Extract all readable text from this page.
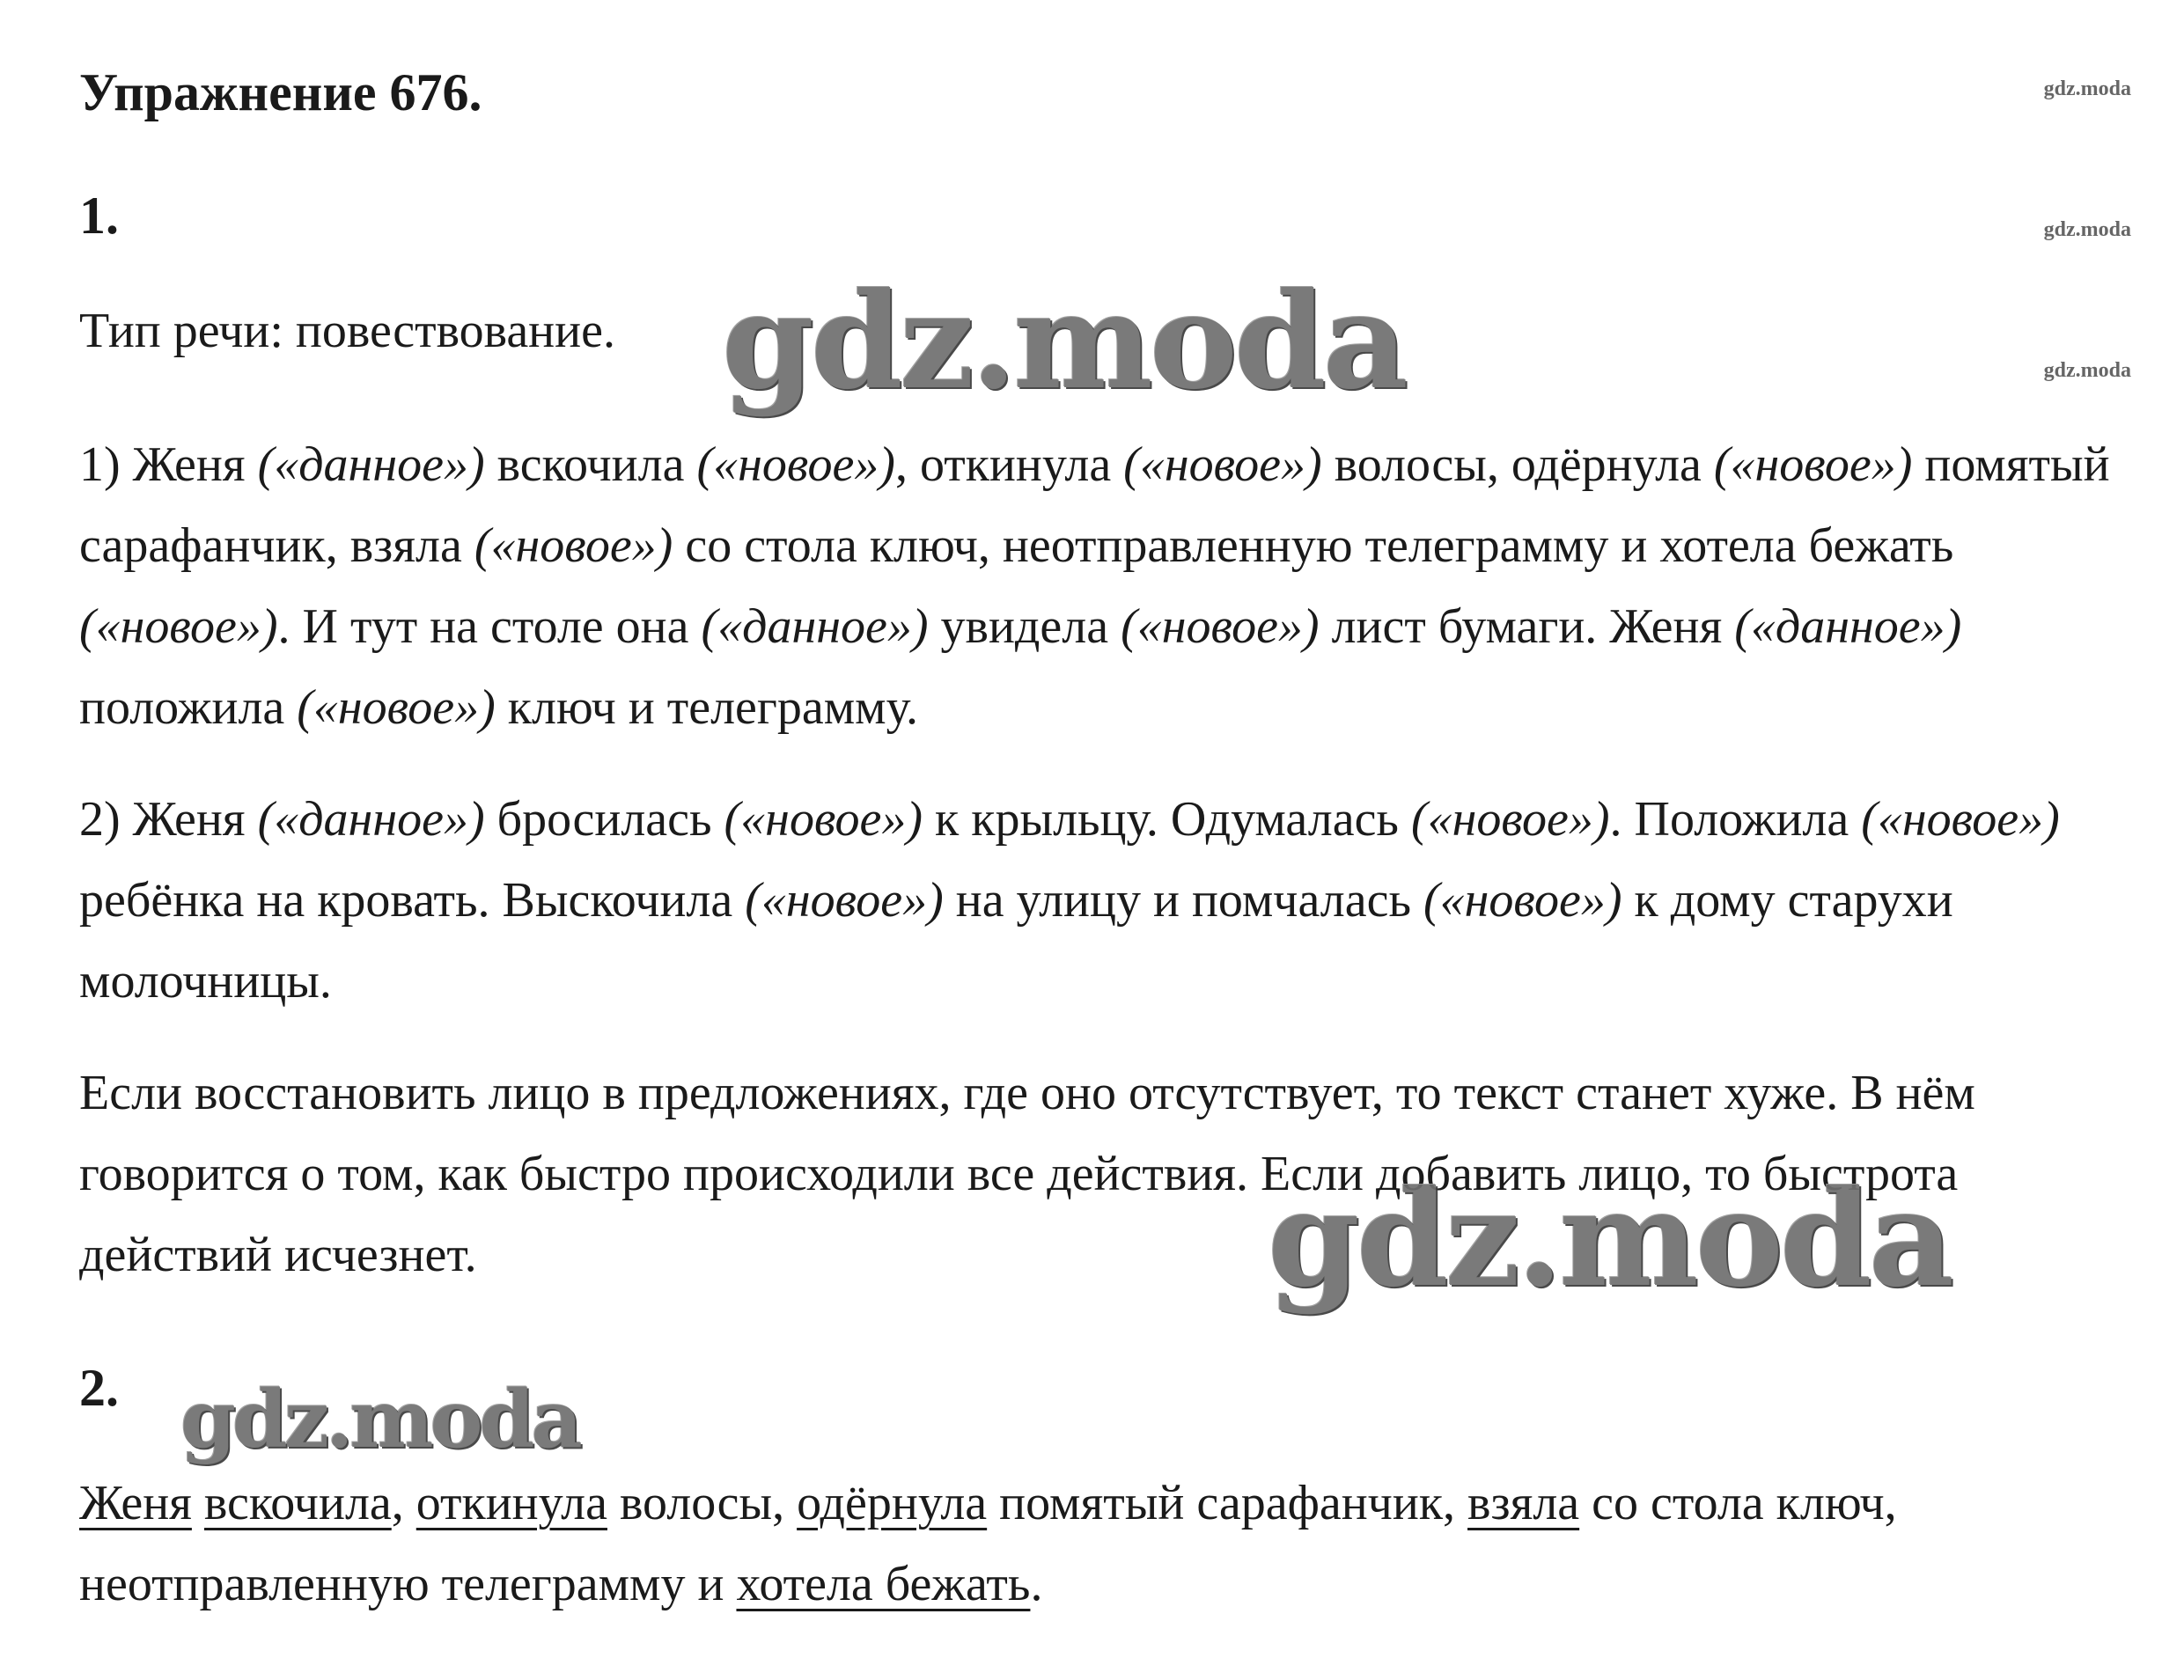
Упражнение 676.
1.
Тип речи: повествование.
1) Женя («данное») вскочила («новое»), откинула («новое») волосы, одёрнула («новое») помятый сарафанчик, взяла («новое») со стола ключ, неотправленную телеграмму и хотела бежать («новое»). И тут на столе она («данное») увидела («новое») лист бумаги. Женя («данное») положила («новое») ключ и телеграмму.
2) Женя («данное») бросилась («новое») к крыльцу. Одумалась («новое»). Положила («новое») ребёнка на кровать. Выскочила («новое») на улицу и помчалась («новое») к дому старухи молочницы.
Если восстановить лицо в предложениях, где оно отсутствует, то текст станет хуже. В нём говорится о том, как быстро происходили все действия. Если добавить лицо, то быстрота действий исчезнет.
2.
Женя вскочила, откинула волосы, одёрнула помятый сарафанчик, взяла со стола ключ, неотправленную телеграмму и хотела бежать.
gdz.moda
gdz.moda
gdz.moda
gdz.moda
gdz.moda
gdz.moda
